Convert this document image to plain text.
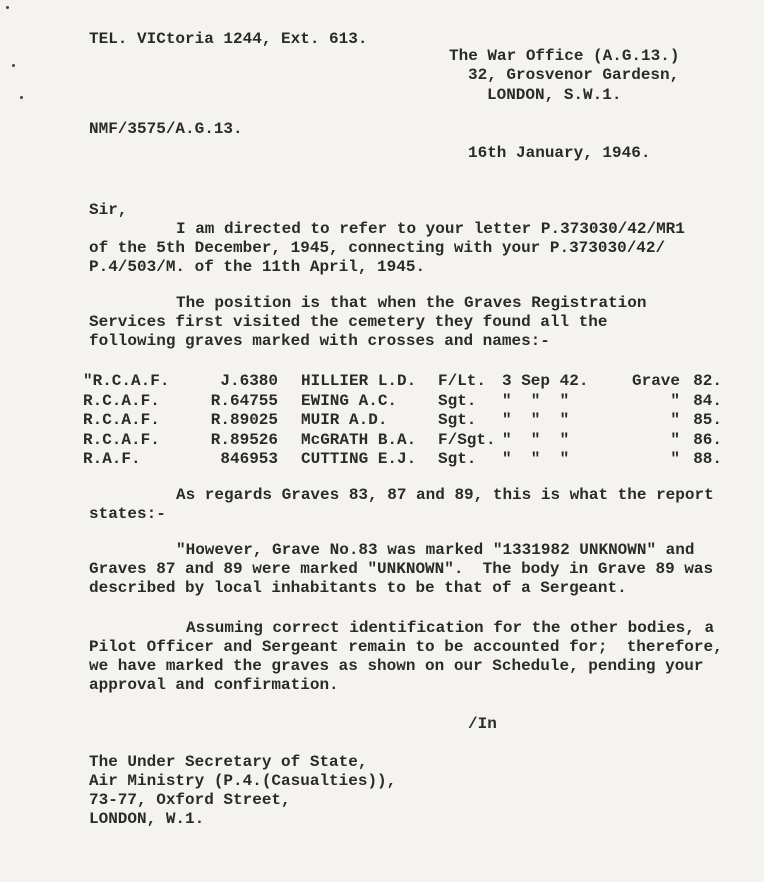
TEL. VICtoria 1244, Ext. 613.
The War Office (A.G.13.)
32, Grosvenor Gardesn,
LONDON, S.W.1.
NMF/3575/A.G.13.
16th January, 1946.
Sir,
I am directed to refer to your letter P.373030/42/MR1
of the 5th December, 1945, connecting with your P.373030/42/
P.4/503/M. of the 11th April, 1945.
The position is that when the Graves Registration
Services first visited the cemetery they found all the
following graves marked with crosses and names:-
"R.C.A.F.	J.6380 HILLIER L.D.	F/Lt. 3 Sep 42.	Grave 82.
R.C.A.F.	R.64755 EWING A.C.	Sgt.	"  "  "	" 84.
R.C.A.F.	R.89025 MUIR A.D.	Sgt.	"  "  "	" 85.
R.C.A.F.	R.89526 McGRATH B.A.	F/Sgt. "  "  "	" 86.
R.A.F.	846953 CUTTING E.J.	Sgt.	"  "  "	" 88.
As regards Graves 83, 87 and 89, this is what the report
states:-
"However, Grave No.83 was marked "1331982 UNKNOWN" and
Graves 87 and 89 were marked "UNKNOWN".  The body in Grave 89 was
described by local inhabitants to be that of a Sergeant.
Assuming correct identification for the other bodies, a
Pilot Officer and Sergeant remain to be accounted for;  therefore,
we have marked the graves as shown on our Schedule, pending your
approval and confirmation.
/In
The Under Secretary of State,
Air Ministry (P.4.(Casualties)),
73-77, Oxford Street,
LONDON, W.1.
